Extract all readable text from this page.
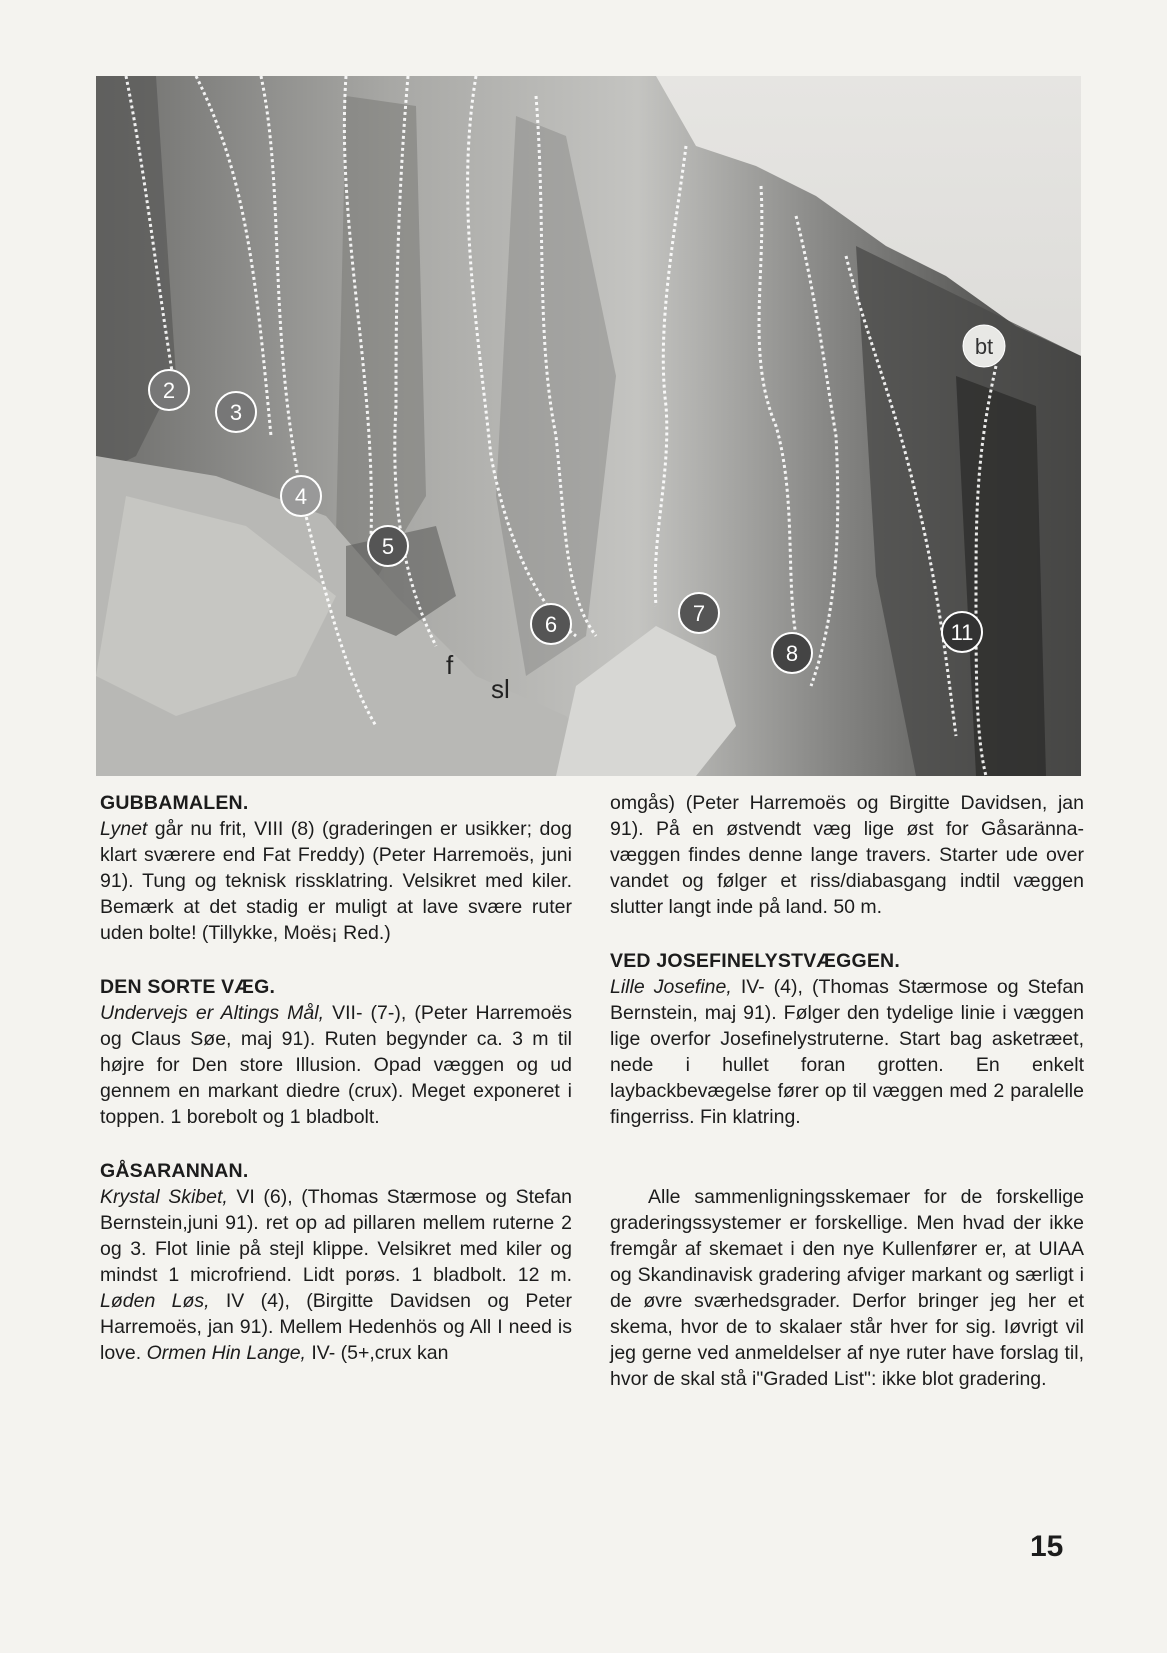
2
3
4
5
6	7
8
11
bt
f
sl
GUBBAMALEN.

Lynet går nu frit, VIII (8) (graderingen er usikker; dog klart sværere end Fat Freddy) (Peter Harremoës, juni 91). Tung og teknisk rissklatring. Velsikret med kiler. Bemærk at det stadig er muligt at lave svære ruter uden bolte! (Tillykke, Moës¡ Red.)

DEN SORTE VÆG.

Undervejs er Altings Mål, VII- (7-), (Peter Harremoës og Claus Søe, maj 91). Ruten begynder ca. 3 m til højre for Den store Illusion. Opad væggen og ud gennem en markant diedre (crux). Meget exponeret i toppen. 1 borebolt og 1 bladbolt.

GÅSARANNAN.

Krystal Skibet, VI (6), (Thomas Stærmose og Stefan Bernstein,juni 91). ret op ad pillaren mellem ruterne 2 og 3. Flot linie på stejl klippe. Velsikret med kiler og mindst 1 microfriend. Lidt porøs. 1 bladbolt. 12 m. Løden Løs, IV (4), (Birgitte Davidsen og Peter Harremoës, jan 91). Mellem Hedenhös og All I need is love. Ormen Hin Lange, IV- (5+,crux kan

omgås) (Peter Harremoës og Birgitte Davidsen, jan 91). På en østvendt væg lige øst for Gåsaränna-væggen findes denne lange travers. Starter ude over vandet og følger et riss/diabasgang indtil væggen slutter langt inde på land. 50 m.

VED JOSEFINELYSTVÆGGEN.

Lille Josefine, IV- (4), (Thomas Stærmose og Stefan Bernstein, maj 91). Følger den tydelige linie i væggen lige overfor Josefinelystruterne. Start bag asketræet, nede i hullet foran grotten. En enkelt laybackbevægelse fører op til væggen med 2 paralelle fingerriss. Fin klatring.

Alle sammenligningsskemaer for de forskellige graderingssystemer er forskellige. Men hvad der ikke fremgår af skemaet i den nye Kullenfører er, at UIAA og Skandinavisk gradering afviger markant og særligt i de øvre sværhedsgrader. Derfor bringer jeg her et skema, hvor de to skalaer står hver for sig. Iøvrigt vil jeg gerne ved anmeldelser af nye ruter have forslag til, hvor de skal stå i"Graded List": ikke blot gradering.

15
